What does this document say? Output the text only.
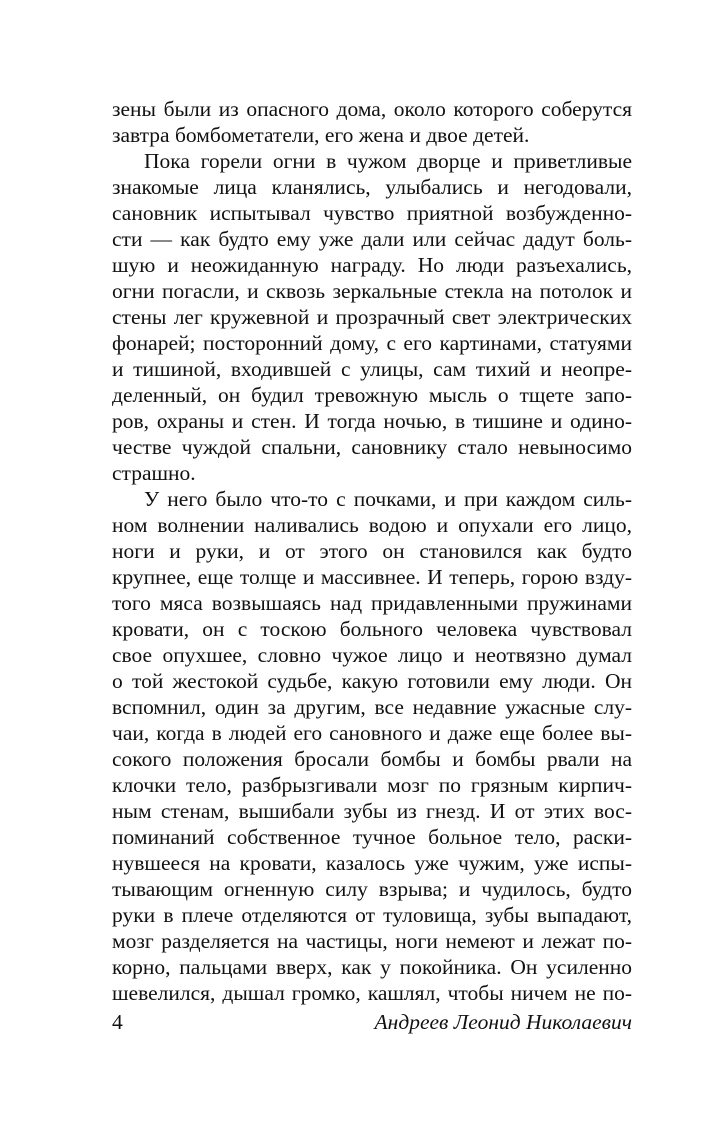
зены были из опасного дома, около которого соберутся
завтра бомбометатели, его жена и двое детей.
Пока горели огни в чужом дворце и приветливые
знакомые лица кланялись, улыбались и негодовали,
сановник испытывал чувство приятной возбужденно-
сти — как будто ему уже дали или сейчас дадут боль-
шую и неожиданную награду. Но люди разъехались,
огни погасли, и сквозь зеркальные стекла на потолок и
стены лег кружевной и прозрачный свет электрических
фонарей; посторонний дому, с его картинами, статуями
и тишиной, входившей с улицы, сам тихий и неопре-
деленный, он будил тревожную мысль о тщете запо-
ров, охраны и стен. И тогда ночью, в тишине и одино-
честве чуждой спальни, сановнику стало невыносимо
страшно.
У него было что-то с почками, и при каждом силь-
ном волнении наливались водою и опухали его лицо,
ноги и руки, и от этого он становился как будто
крупнее, еще толще и массивнее. И теперь, горою взду-
того мяса возвышаясь над придавленными пружинами
кровати, он с тоскою больного человека чувствовал
свое опухшее, словно чужое лицо и неотвязно думал
о той жестокой судьбе, какую готовили ему люди. Он
вспомнил, один за другим, все недавние ужасные слу-
чаи, когда в людей его сановного и даже еще более вы-
сокого положения бросали бомбы и бомбы рвали на
клочки тело, разбрызгивали мозг по грязным кирпич-
ным стенам, вышибали зубы из гнезд. И от этих вос-
поминаний собственное тучное больное тело, раски-
нувшееся на кровати, казалось уже чужим, уже испы-
тывающим огненную силу взрыва; и чудилось, будто
руки в плече отделяются от туловища, зубы выпадают,
мозг разделяется на частицы, ноги немеют и лежат по-
корно, пальцами вверх, как у покойника. Он усиленно
шевелился, дышал громко, кашлял, чтобы ничем не по-
4	Андреев Леонид Николаевич
